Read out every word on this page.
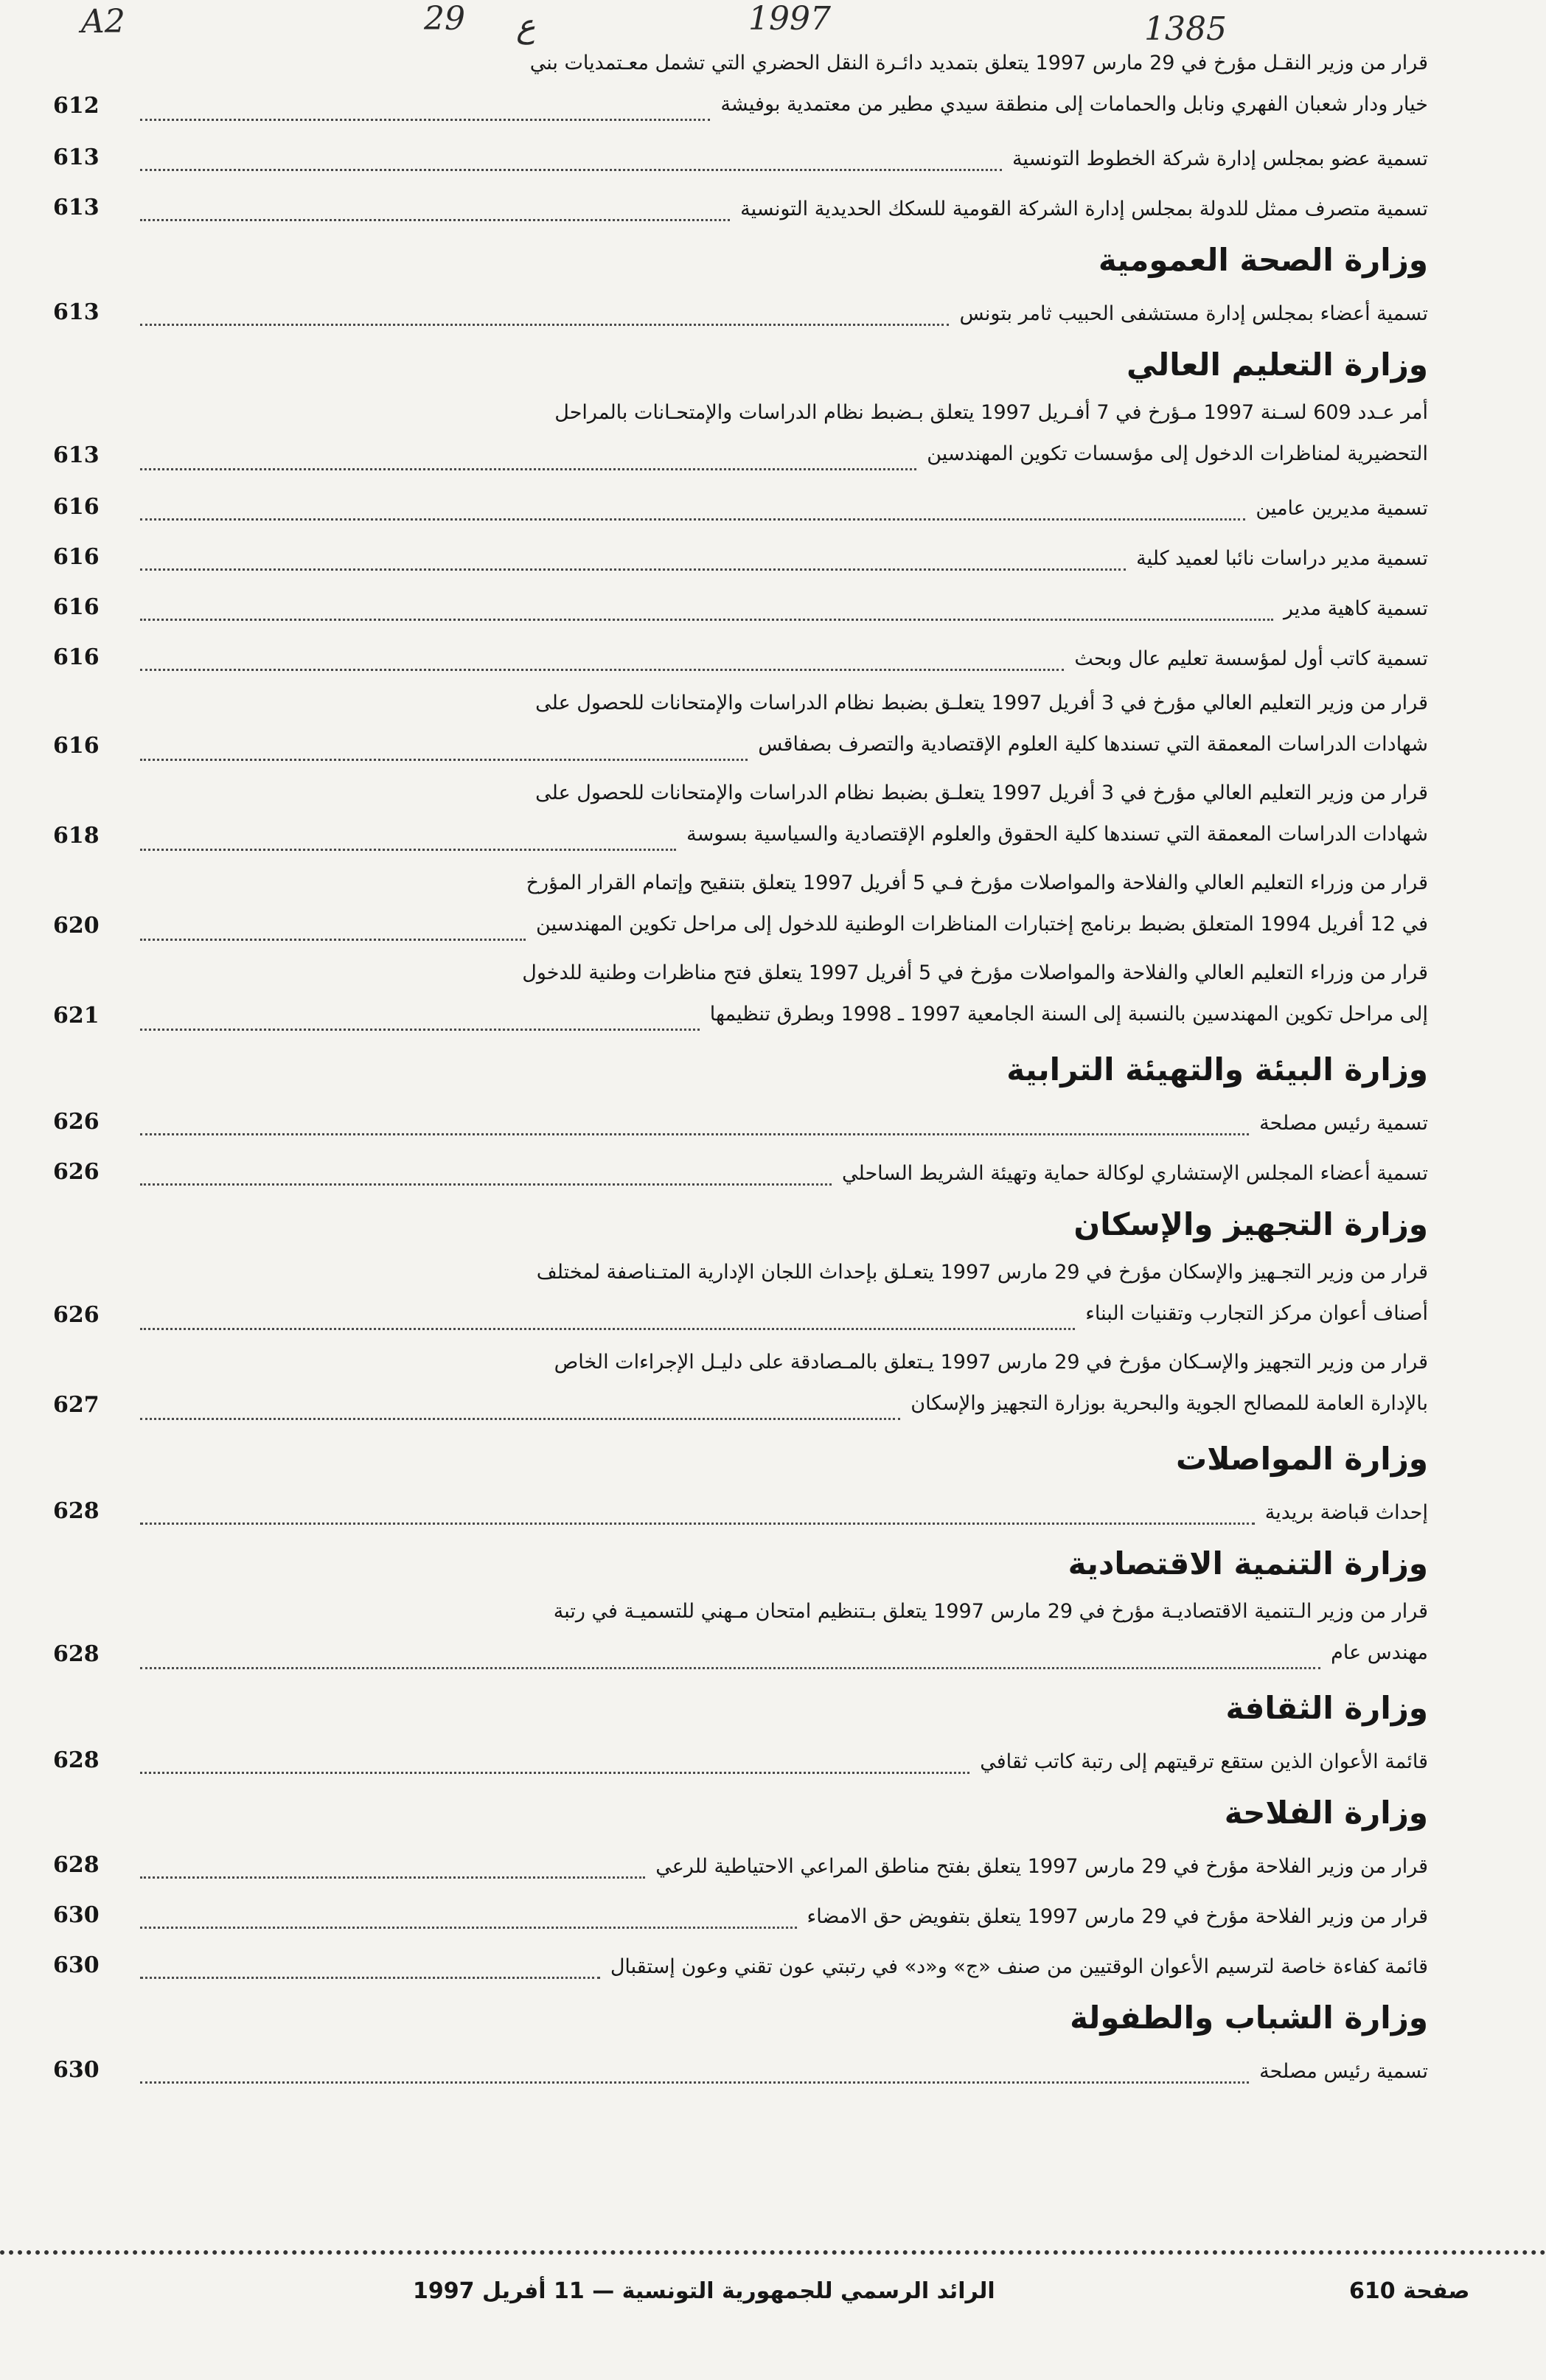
A2	29 ع	1997	1385
قرار من وزير النقـل مؤرخ في 29 مارس 1997 يتعلق بتمديد دائـرة النقل الحضري التي تشمل معـتمديات بني
خيار ودار شعبان الفهري ونابل والحمامات إلى منطقة سيدي مطير من معتمدية بوفيشة
612
تسمية عضو بمجلس إدارة شركة الخطوط التونسية
613
تسمية متصرف ممثل للدولة بمجلس إدارة الشركة القومية للسكك الحديدية التونسية
613
وزارة الصحة العمومية
تسمية أعضاء بمجلس إدارة مستشفى الحبيب ثامر بتونس
613
وزارة التعليم العالي
أمر عـدد 609 لسـنة 1997 مـؤرخ في 7 أفـريل 1997 يتعلق بـضبط نظام الدراسات والإمتحـانات بالمراحل
التحضيرية لمناظرات الدخول إلى مؤسسات تكوين المهندسين
613
تسمية مديرين عامين
616
تسمية مدير دراسات نائبا لعميد كلية
616
تسمية كاهية مدير
616
تسمية كاتب أول لمؤسسة تعليم عال وبحث
616
قرار من وزير التعليم العالي مؤرخ في 3 أفريل 1997 يتعلـق بضبط نظام الدراسات والإمتحانات للحصول على
شهادات الدراسات المعمقة التي تسندها كلية العلوم الإقتصادية والتصرف بصفاقس
616
قرار من وزير التعليم العالي مؤرخ في 3 أفريل 1997 يتعلـق بضبط نظام الدراسات والإمتحانات للحصول على
شهادات الدراسات المعمقة التي تسندها كلية الحقوق والعلوم الإقتصادية والسياسية بسوسة
618
قرار من وزراء التعليم العالي والفلاحة والمواصلات مؤرخ فـي 5 أفريل 1997 يتعلق بتنقيح وإتمام القرار المؤرخ
في 12 أفريل 1994 المتعلق بضبط برنامج إختبارات المناظرات الوطنية للدخول إلى مراحل تكوين المهندسين
620
قرار من وزراء التعليم العالي والفلاحة والمواصلات مؤرخ في 5 أفريل 1997 يتعلق فتح مناظرات وطنية للدخول
إلى مراحل تكوين المهندسين بالنسبة إلى السنة الجامعية 1997 ـ 1998 وبطرق تنظيمها
621
وزارة البيئة والتهيئة الترابية
تسمية رئيس مصلحة
626
تسمية أعضاء المجلس الإستشاري لوكالة حماية وتهيئة الشريط الساحلي
626
وزارة التجهيز والإسكان
قرار من وزير التجـهيز والإسكان مؤرخ في 29 مارس 1997 يتعـلق بإحداث اللجان الإدارية المتـناصفة لمختلف
أصناف أعوان مركز التجارب وتقنيات البناء
626
قرار من وزير التجهيز والإسـكان مؤرخ في 29 مارس 1997 يـتعلق بالمـصادقة على دليـل الإجراءات الخاص
بالإدارة العامة للمصالح الجوية والبحرية بوزارة التجهيز والإسكان
627
وزارة المواصلات
إحداث قباضة بريدية
628
وزارة التنمية الاقتصادية
قرار من وزير الـتنمية الاقتصاديـة مؤرخ في 29 مارس 1997 يتعلق بـتنظيم امتحان مـهني للتسميـة في رتبة
مهندس عام
628
وزارة الثقافة
قائمة الأعوان الذين ستقع ترقيتهم إلى رتبة كاتب ثقافي
628
وزارة الفلاحة
قرار من وزير الفلاحة مؤرخ في 29 مارس 1997 يتعلق بفتح مناطق المراعي الاحتياطية للرعي
628
قرار من وزير الفلاحة مؤرخ في 29 مارس 1997 يتعلق بتفويض حق الامضاء
630
قائمة كفاءة خاصة لترسيم الأعوان الوقتيين من صنف «ج» و«د» في رتبتي عون تقني وعون إستقبال
630
وزارة الشباب والطفولة
تسمية رئيس مصلحة
630
الرائد الرسمي للجمهورية التونسية — 11 أفريل 1997	صفحة 610
